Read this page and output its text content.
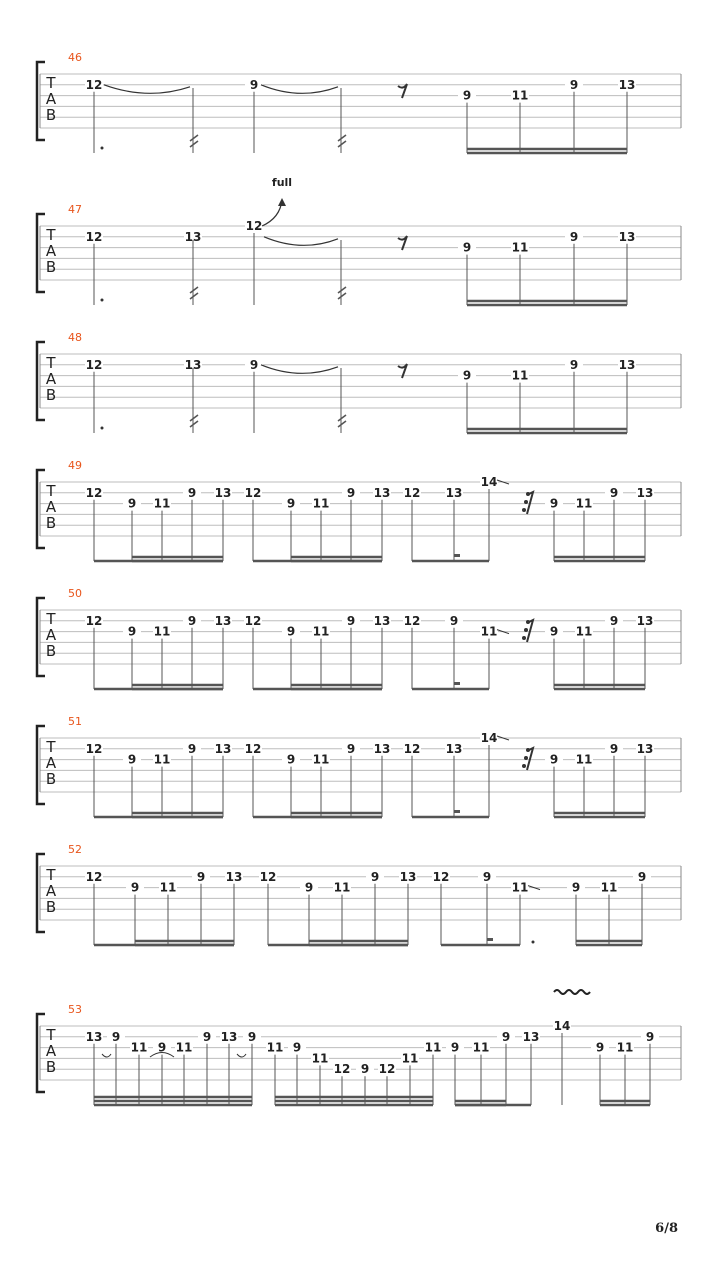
T
A
B
46
12	9
9	11
9	13
T
A
B
47
12	13
12
9	11
9	13
full
T
A
B
48
12	13	9
9	11
9	13
T
A
B
49
12
9 11
9 13 12
9 11
9 13 12 13
14
9 11
9 13
T
A
B
50
12
9 11
9 13 12
9 11
9 13 12 9
11	9 11
9 13
T
A
B
51
12
9 11
9 13 12
9 11
9 13 12 13
14
9 11
9 13
T
A
B
52
12
9 11
9 13 12
9 11
9 13 12	9
11	9 11
9
T
A
B
53
13 9
11 9 11
9 13 9
11 9
11
12 9 12
11
11 9 11
9 13
14
9 11
9
6/8
